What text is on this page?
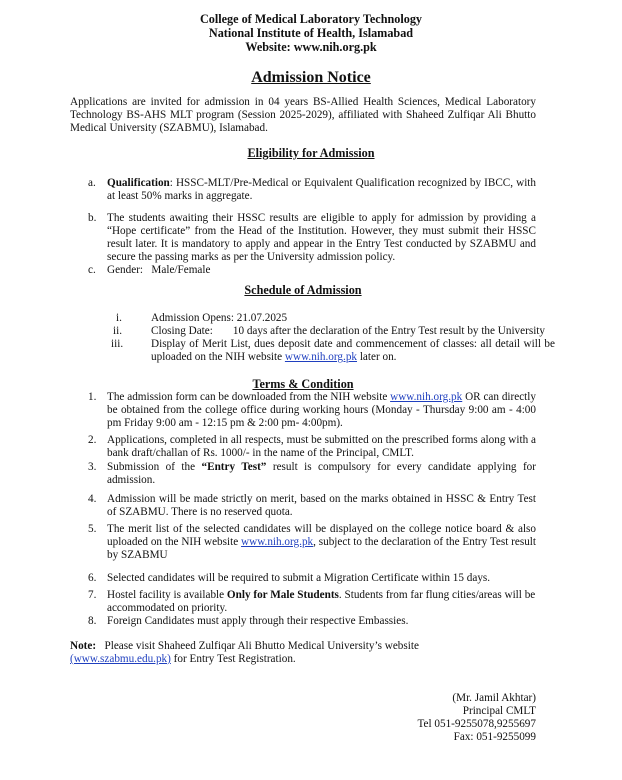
College of Medical Laboratory Technology
National Institute of Health, Islamabad
Website: www.nih.org.pk
Admission Notice
Applications are invited for admission in 04 years BS-Allied Health Sciences, Medical Laboratory Technology BS-AHS MLT program (Session 2025-2029), affiliated with Shaheed Zulfiqar Ali Bhutto Medical University (SZABMU), Islamabad.
Eligibility for Admission
a. Qualification: HSSC-MLT/Pre-Medical or Equivalent Qualification recognized by IBCC, with at least 50% marks in aggregate.
b. The students awaiting their HSSC results are eligible to apply for admission by providing a “Hope certificate” from the Head of the Institution. However, they must submit their HSSC result later. It is mandatory to apply and appear in the Entry Test conducted by SZABMU and secure the passing marks as per the University admission policy.
c. Gender:   Male/Female
Schedule of Admission
i.	Admission Opens: 21.07.2025
ii.	Closing Date: 10 days after the declaration of the Entry Test result by the University
iii. Display of Merit List, dues deposit date and commencement of classes: all detail will be uploaded on the NIH website www.nih.org.pk later on.
Terms & Condition
1. The admission form can be downloaded from the NIH website www.nih.org.pk OR can directly be obtained from the college office during working hours (Monday - Thursday 9:00 am - 4:00 pm Friday 9:00 am - 12:15 pm & 2:00 pm- 4:00pm).
2. Applications, completed in all respects, must be submitted on the prescribed forms along with a bank draft/challan of Rs. 1000/- in the name of the Principal, CMLT.
3. Submission of the “Entry Test” result is compulsory for every candidate applying for admission.
4. Admission will be made strictly on merit, based on the marks obtained in HSSC & Entry Test of SZABMU. There is no reserved quota.
5. The merit list of the selected candidates will be displayed on the college notice board & also uploaded on the NIH website www.nih.org.pk, subject to the declaration of the Entry Test result by SZABMU
6. Selected candidates will be required to submit a Migration Certificate within 15 days.
7. Hostel facility is available Only for Male Students. Students from far flung cities/areas will be accommodated on priority.
8. Foreign Candidates must apply through their respective Embassies.
Note: Please visit Shaheed Zulfiqar Ali Bhutto Medical University’s website
(www.szabmu.edu.pk) for Entry Test Registration.
(Mr. Jamil Akhtar)
Principal CMLT
Tel 051-9255078,9255697
Fax: 051-9255099
